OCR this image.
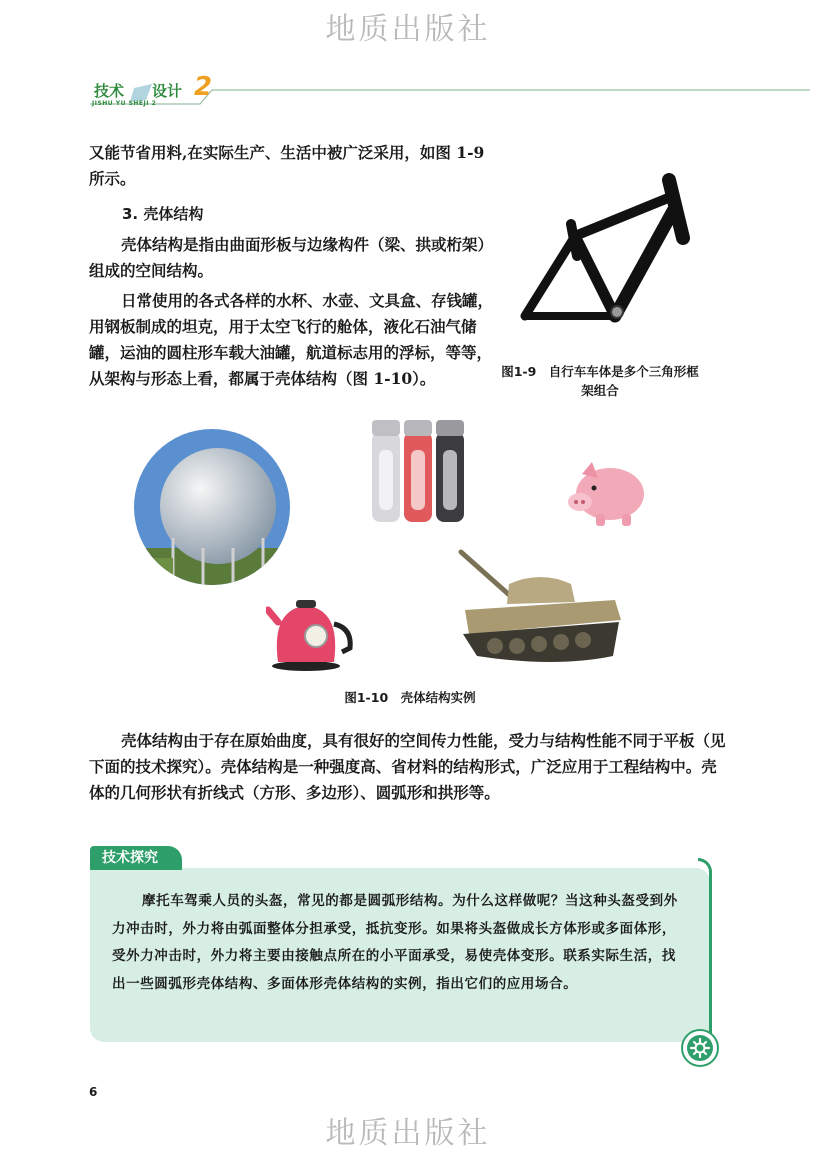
地质出版社
技术 设计 2
JISHU YU SHEJI 2

又能节省用料,在实际生产、生活中被广泛采用，如图 1-9所示。

3. 壳体结构

壳体结构是指由曲面形板与边缘构件（梁、拱或桁架）组成的空间结构。

日常使用的各式各样的水杯、水壶、文具盒、存钱罐，用钢板制成的坦克，用于太空飞行的舱体，液化石油气储罐，运油的圆柱形车载大油罐，航道标志用的浮标，等等，从架构与形态上看，都属于壳体结构（图 1-10）。	图1-9　自行车车体是多个三角形框架组合
图1-10　壳体结构实例

壳体结构由于存在原始曲度，具有很好的空间传力性能，受力与结构性能不同于平板（见下面的技术探究）。壳体结构是一种强度高、省材料的结构形式，广泛应用于工程结构中。壳体的几何形状有折线式（方形、多边形）、圆弧形和拱形等。

技术探究

摩托车驾乘人员的头盔，常见的都是圆弧形结构。为什么这样做呢？当这种头盔受到外力冲击时，外力将由弧面整体分担承受，抵抗变形。如果将头盔做成长方体形或多面体形，受外力冲击时，外力将主要由接触点所在的小平面承受，易使壳体变形。联系实际生活，找出一些圆弧形壳体结构、多面体形壳体结构的实例，指出它们的应用场合。

6
地质出版社
